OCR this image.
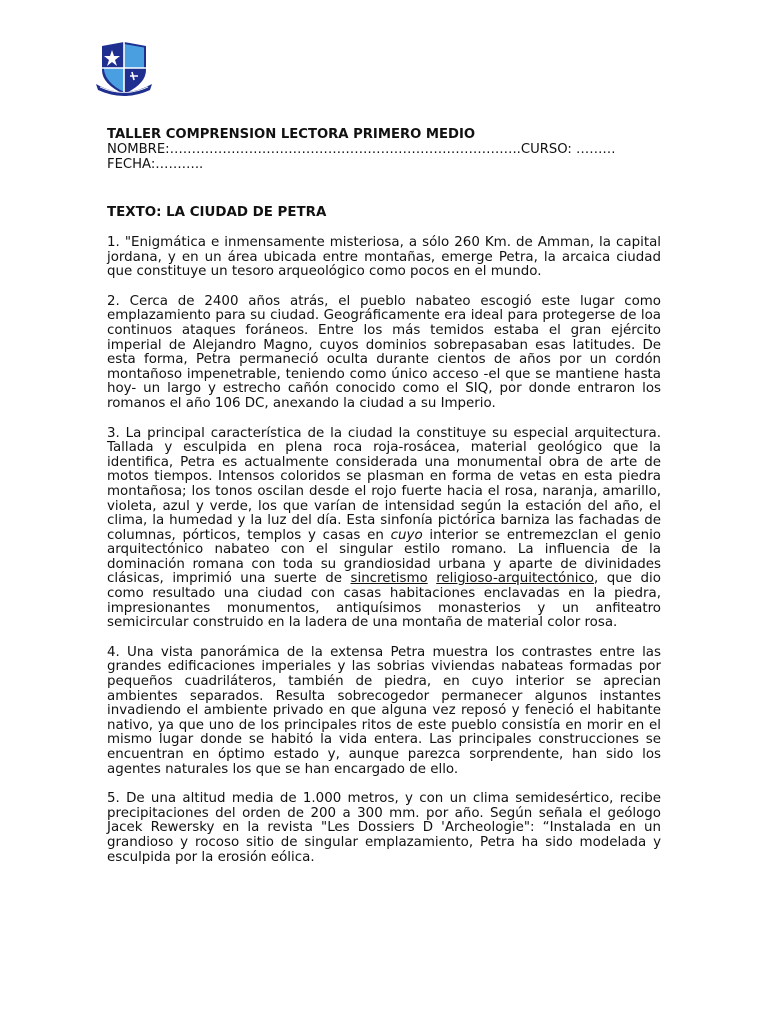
TALLER COMPRENSION LECTORA PRIMERO MEDIO
NOMBRE:……………………………………………………………………..CURSO: ………FECHA:………..
TEXTO: LA CIUDAD DE PETRA

1. "Enigmática e inmensamente misteriosa, a sólo 260 Km. de Amman, la capital jordana, y en un área ubicada entre montañas, emerge Petra, la arcaica ciudad que constituye un tesoro arqueológico como pocos en el mundo.

2. Cerca de 2400 años atrás, el pueblo nabateo escogió este lugar como emplazamiento para su ciudad. Geográficamente era ideal para protegerse de loa continuos ataques foráneos. Entre los más temidos estaba el gran ejército imperial de Alejandro Magno, cuyos dominios sobrepasaban esas latitudes. De esta forma, Petra permaneció oculta durante cientos de años por un cordón montañoso impenetrable, teniendo como único acceso -el que se mantiene hasta hoy- un largo y estrecho cañón conocido como el SIQ, por donde entraron los romanos el año 106 DC, anexando la ciudad a su Imperio.

3. La principal característica de la ciudad la constituye su especial arquitectura. Tallada y esculpida en plena roca roja-rosácea, material geológico que la identifica, Petra es actualmente considerada una monumental obra de arte de motos tiempos. Intensos coloridos se plasman en forma de vetas en esta piedra montañosa; los tonos oscilan desde el rojo fuerte hacia el rosa, naranja, amarillo, violeta, azul y verde, los que varían de intensidad según la estación del año, el clima, la humedad y la luz del día. Esta sinfonía pictórica barniza las fachadas de columnas, pórticos, templos y casas en cuyo interior se entremezclan el genio arquitectónico nabateo con el singular estilo romano. La influencia de la dominación romana con toda su grandiosidad urbana y aparte de divinidades clásicas, imprimió una suerte de sincretismo religioso-arquitectónico, que dio como resultado una ciudad con casas habitaciones enclavadas en la piedra, impresionantes monumentos, antiquísimos monasterios y un anfiteatro semicircular construido en la ladera de una montaña de material color rosa.

4. Una vista panorámica de la extensa Petra muestra los contrastes entre las grandes edificaciones imperiales y las sobrias viviendas nabateas formadas por pequeños cuadriláteros, también de piedra, en cuyo interior se aprecian ambientes separados. Resulta sobrecogedor permanecer algunos instantes invadiendo el ambiente privado en que alguna vez reposó y feneció el habitante nativo, ya que uno de los principales ritos de este pueblo consistía en morir en el mismo lugar donde se habitó la vida entera. Las principales construcciones se encuentran en óptimo estado y, aunque parezca sorprendente, han sido los agentes naturales los que se han encargado de ello.

5. De una altitud media de 1.000 metros, y con un clima semidesértico, recibe precipitaciones del orden de 200 a 300 mm. por año. Según señala el geólogo Jacek Rewersky en la revista "Les Dossiers D 'Archeologie": “Instalada en un grandioso y rocoso sitio de singular emplazamiento, Petra ha sido modelada y esculpida por la erosión eólica.
